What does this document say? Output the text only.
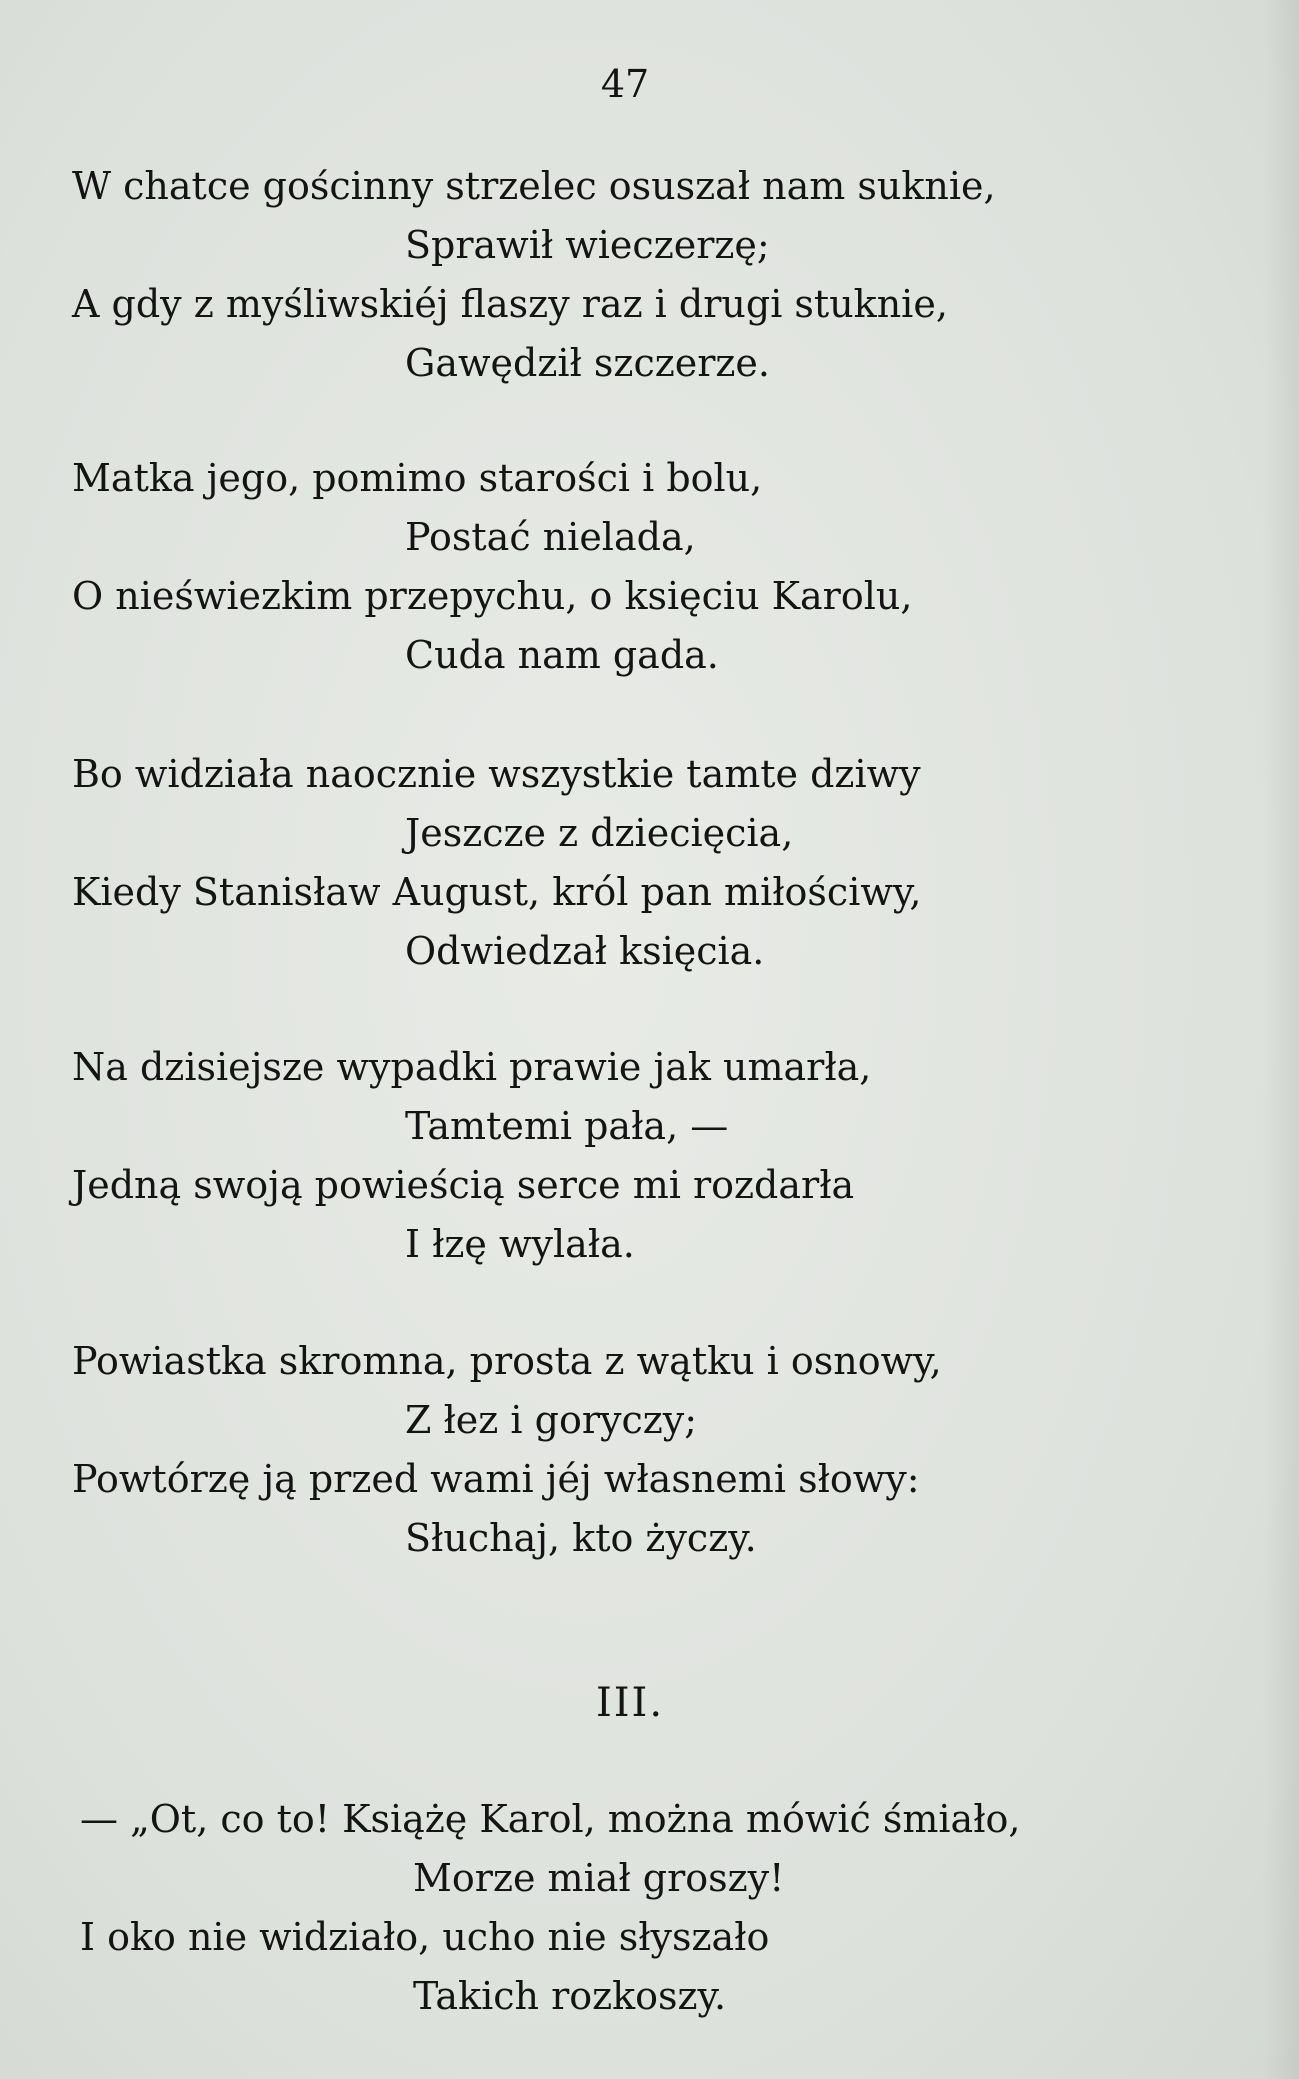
47
W chatce gościnny strzelec osuszał nam suknie,
Sprawił wieczerzę;
A gdy z myśliwskiéj flaszy raz i drugi stuknie,
Gawędził szczerze.
Matka jego, pomimo starości i bolu,
Postać nielada,
O nieświezkim przepychu, o księciu Karolu,
Cuda nam gada.
Bo widziała naocznie wszystkie tamte dziwy
Jeszcze z dziecięcia,
Kiedy Stanisław August, król pan miłościwy,
Odwiedzał księcia.
Na dzisiejsze wypadki prawie jak umarła,
Tamtemi pała, —
Jedną swoją powieścią serce mi rozdarła
I łzę wylała.
Powiastka skromna, prosta z wątku i osnowy,
Z łez i goryczy;
Powtórzę ją przed wami jéj własnemi słowy:
Słuchaj, kto życzy.
III.
— „Ot, co to! Książę Karol, można mówić śmiało,
Morze miał groszy!
I oko nie widziało, ucho nie słyszało
Takich rozkoszy.
